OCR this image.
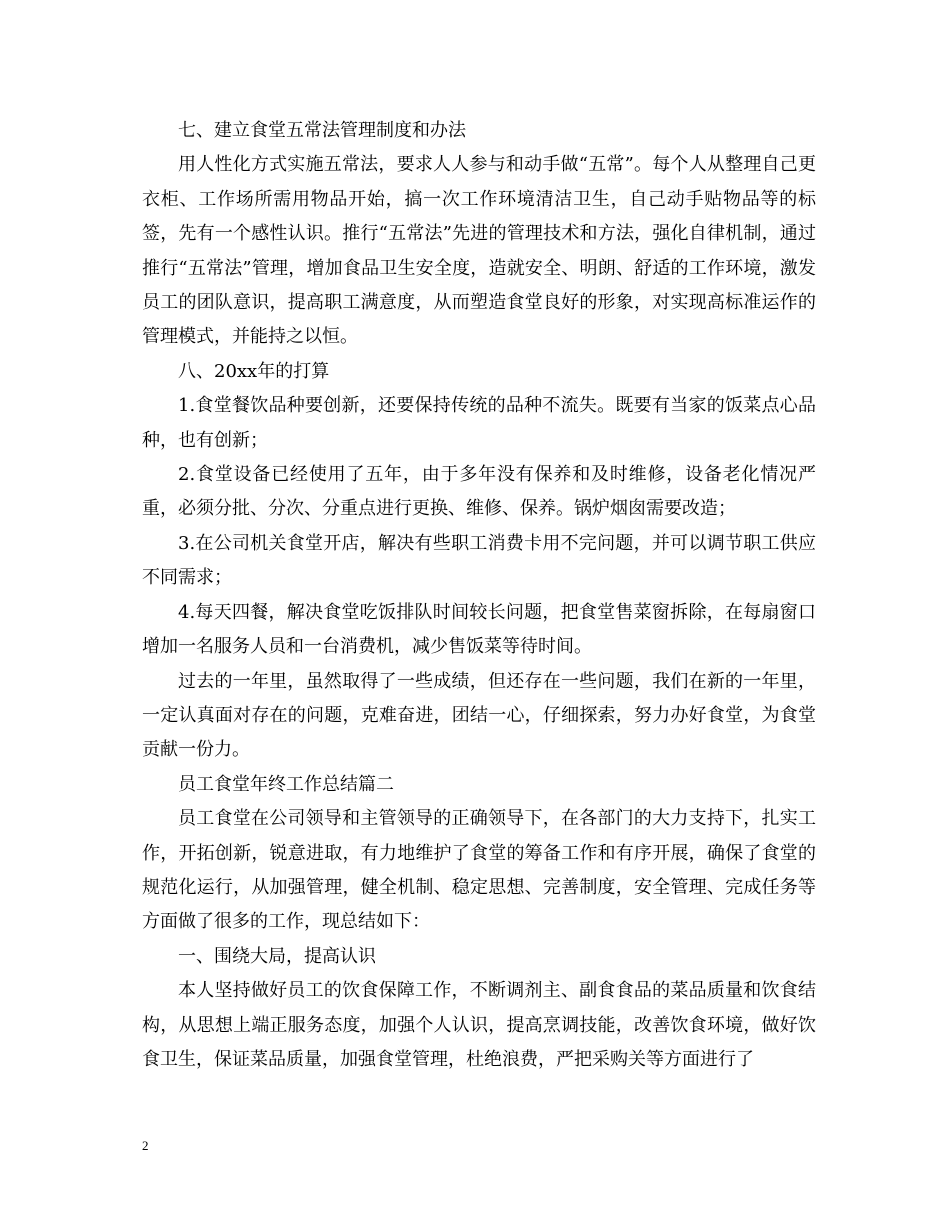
七、建立食堂五常法管理制度和办法

用人性化方式实施五常法，要求人人参与和动手做“五常”。每个人从整理自己更衣柜、工作场所需用物品开始，搞一次工作环境清洁卫生，自己动手贴物品等的标签，先有一个感性认识。推行“五常法”先进的管理技术和方法，强化自律机制，通过推行“五常法”管理，增加食品卫生安全度，造就安全、明朗、舒适的工作环境，激发员工的团队意识，提高职工满意度，从而塑造食堂良好的形象，对实现高标准运作的管理模式，并能持之以恒。

八、20xx年的打算

1.食堂餐饮品种要创新，还要保持传统的品种不流失。既要有当家的饭菜点心品种，也有创新；

2.食堂设备已经使用了五年，由于多年没有保养和及时维修，设备老化情况严重，必须分批、分次、分重点进行更换、维修、保养。锅炉烟囱需要改造；

3.在公司机关食堂开店，解决有些职工消费卡用不完问题，并可以调节职工供应不同需求；

4.每天四餐，解决食堂吃饭排队时间较长问题，把食堂售菜窗拆除，在每扇窗口增加一名服务人员和一台消费机，减少售饭菜等待时间。

过去的一年里，虽然取得了一些成绩，但还存在一些问题，我们在新的一年里，一定认真面对存在的问题，克难奋进，团结一心，仔细探索，努力办好食堂，为食堂贡献一份力。

员工食堂年终工作总结篇二

员工食堂在公司领导和主管领导的正确领导下，在各部门的大力支持下，扎实工作，开拓创新，锐意进取，有力地维护了食堂的筹备工作和有序开展，确保了食堂的规范化运行，从加强管理，健全机制、稳定思想、完善制度，安全管理、完成任务等方面做了很多的工作，现总结如下：

一、围绕大局，提高认识

本人坚持做好员工的饮食保障工作，不断调剂主、副食食品的菜品质量和饮食结构，从思想上端正服务态度，加强个人认识，提高烹调技能，改善饮食环境，做好饮食卫生，保证菜品质量，加强食堂管理，杜绝浪费，严把采购关等方面进行了

2
